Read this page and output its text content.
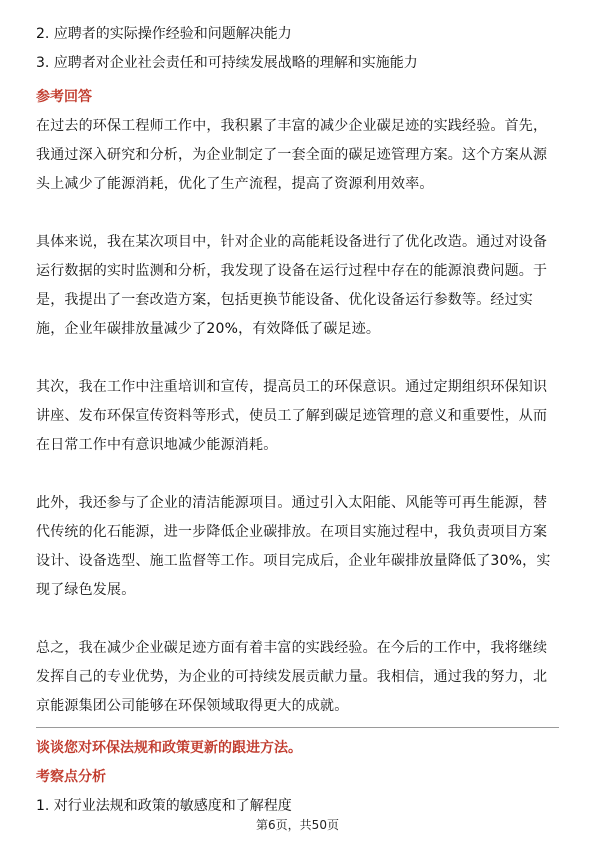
2. 应聘者的实际操作经验和问题解决能力
3. 应聘者对企业社会责任和可持续发展战略的理解和实施能力
参考回答
在过去的环保工程师工作中，我积累了丰富的减少企业碳足迹的实践经验。首先，
我通过深入研究和分析，为企业制定了一套全面的碳足迹管理方案。这个方案从源
头上减少了能源消耗，优化了生产流程，提高了资源利用效率。
具体来说，我在某次项目中，针对企业的高能耗设备进行了优化改造。通过对设备
运行数据的实时监测和分析，我发现了设备在运行过程中存在的能源浪费问题。于
是，我提出了一套改造方案，包括更换节能设备、优化设备运行参数等。经过实
施，企业年碳排放量减少了20%，有效降低了碳足迹。
其次，我在工作中注重培训和宣传，提高员工的环保意识。通过定期组织环保知识
讲座、发布环保宣传资料等形式，使员工了解到碳足迹管理的意义和重要性，从而
在日常工作中有意识地减少能源消耗。
此外，我还参与了企业的清洁能源项目。通过引入太阳能、风能等可再生能源，替
代传统的化石能源，进一步降低企业碳排放。在项目实施过程中，我负责项目方案
设计、设备选型、施工监督等工作。项目完成后，企业年碳排放量降低了30%，实
现了绿色发展。
总之，我在减少企业碳足迹方面有着丰富的实践经验。在今后的工作中，我将继续
发挥自己的专业优势，为企业的可持续发展贡献力量。我相信，通过我的努力，北
京能源集团公司能够在环保领域取得更大的成就。
谈谈您对环保法规和政策更新的跟进方法。
考察点分析
1. 对行业法规和政策的敏感度和了解程度
第6页，共50页
